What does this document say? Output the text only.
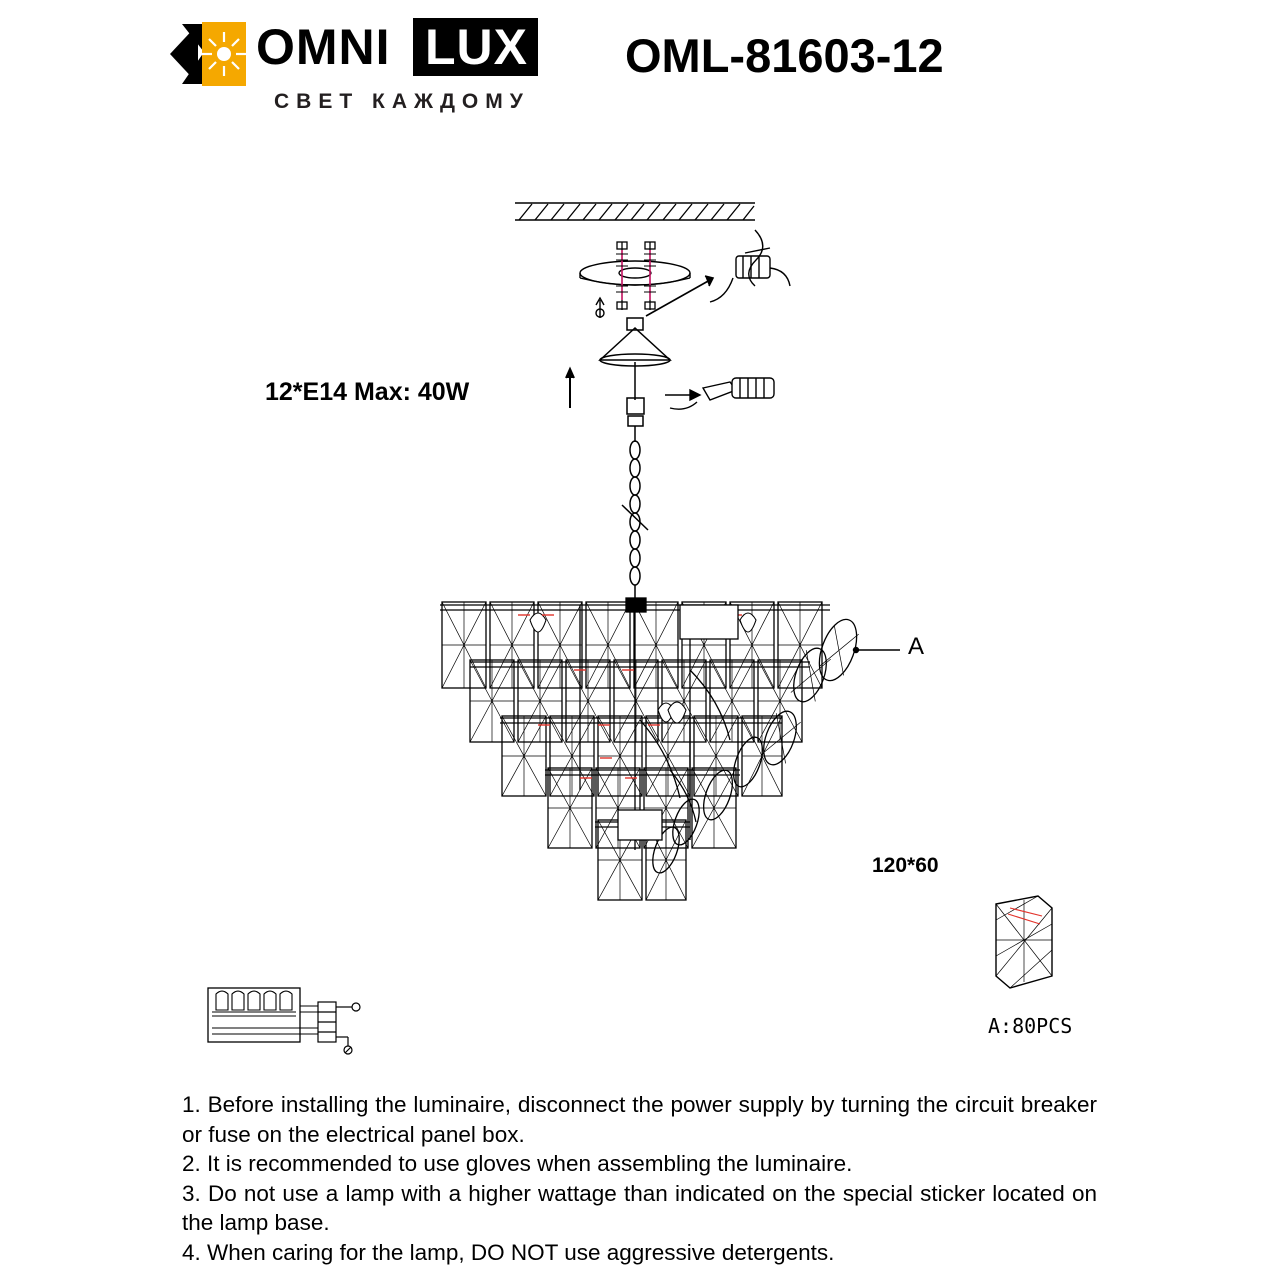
OMNI LUX
СВЕТ КАЖДОМУ
OML-81603-12
12*E14 Max: 40W
120*60
A
A:80PCS

1. Before installing the luminaire, disconnect the power supply by turning the circuit breaker or fuse on the electrical panel box.

2. It is recommended to use gloves when assembling the luminaire.

3. Do not use a lamp with a higher wattage than indicated on the special sticker located on the lamp base.

4. When caring for the lamp, DO NOT use aggressive detergents.
